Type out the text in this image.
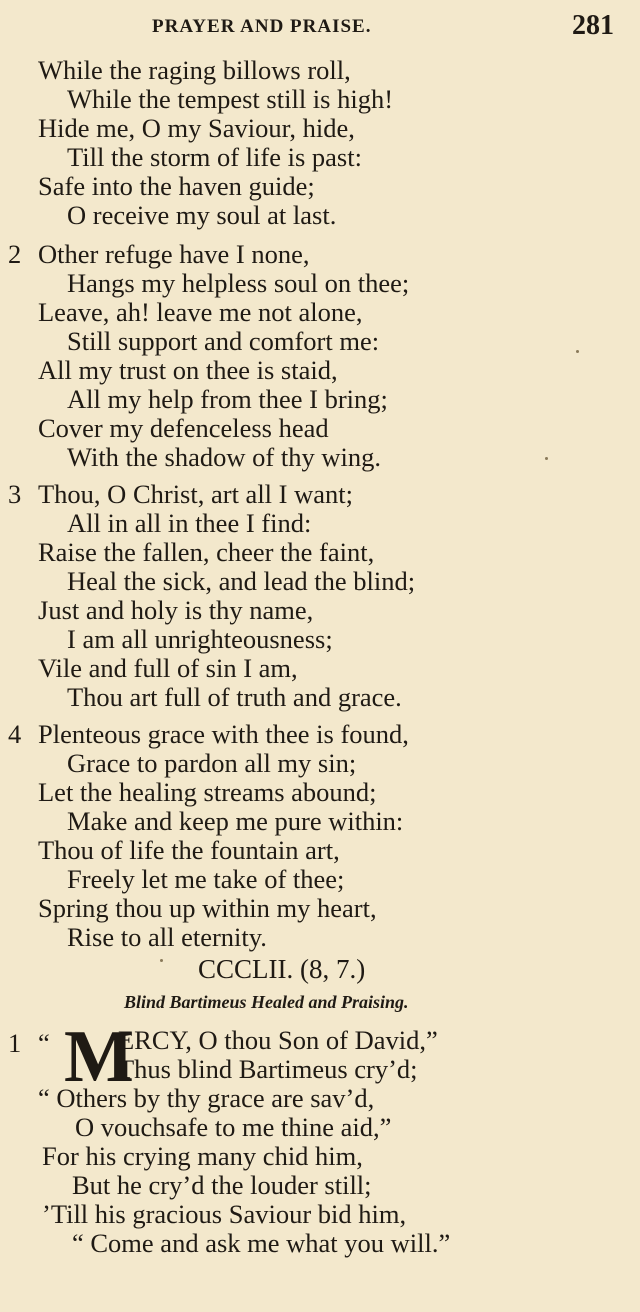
PRAYER AND PRAISE.	281
While the raging billows roll,
While the tempest still is high!
Hide me, O my Saviour, hide,
Till the storm of life is past:
Safe into the haven guide;
O receive my soul at last.
2 Other refuge have I none,
Hangs my helpless soul on thee;
Leave, ah! leave me not alone,
Still support and comfort me:
All my trust on thee is staid,
All my help from thee I bring;
Cover my defenceless head
With the shadow of thy wing.
3 Thou, O Christ, art all I want;
All in all in thee I find:
Raise the fallen, cheer the faint,
Heal the sick, and lead the blind;
Just and holy is thy name,
I am all unrighteousness;
Vile and full of sin I am,
Thou art full of truth and grace.
4 Plenteous grace with thee is found,
Grace to pardon all my sin;
Let the healing streams abound;
Make and keep me pure within:
Thou of life the fountain art,
Freely let me take of thee;
Spring thou up within my heart,
Rise to all eternity.
CCCLII. (8, 7.)
Blind Bartimeus Healed and Praising.
1 “ M
ERCY, O thou Son of David,”
Thus blind Bartimeus cry’d;
“ Others by thy grace are sav’d,
O vouchsafe to me thine aid,”
For his crying many chid him,
But he cry’d the louder still;
’Till his gracious Saviour bid him,
“ Come and ask me what you will.”
